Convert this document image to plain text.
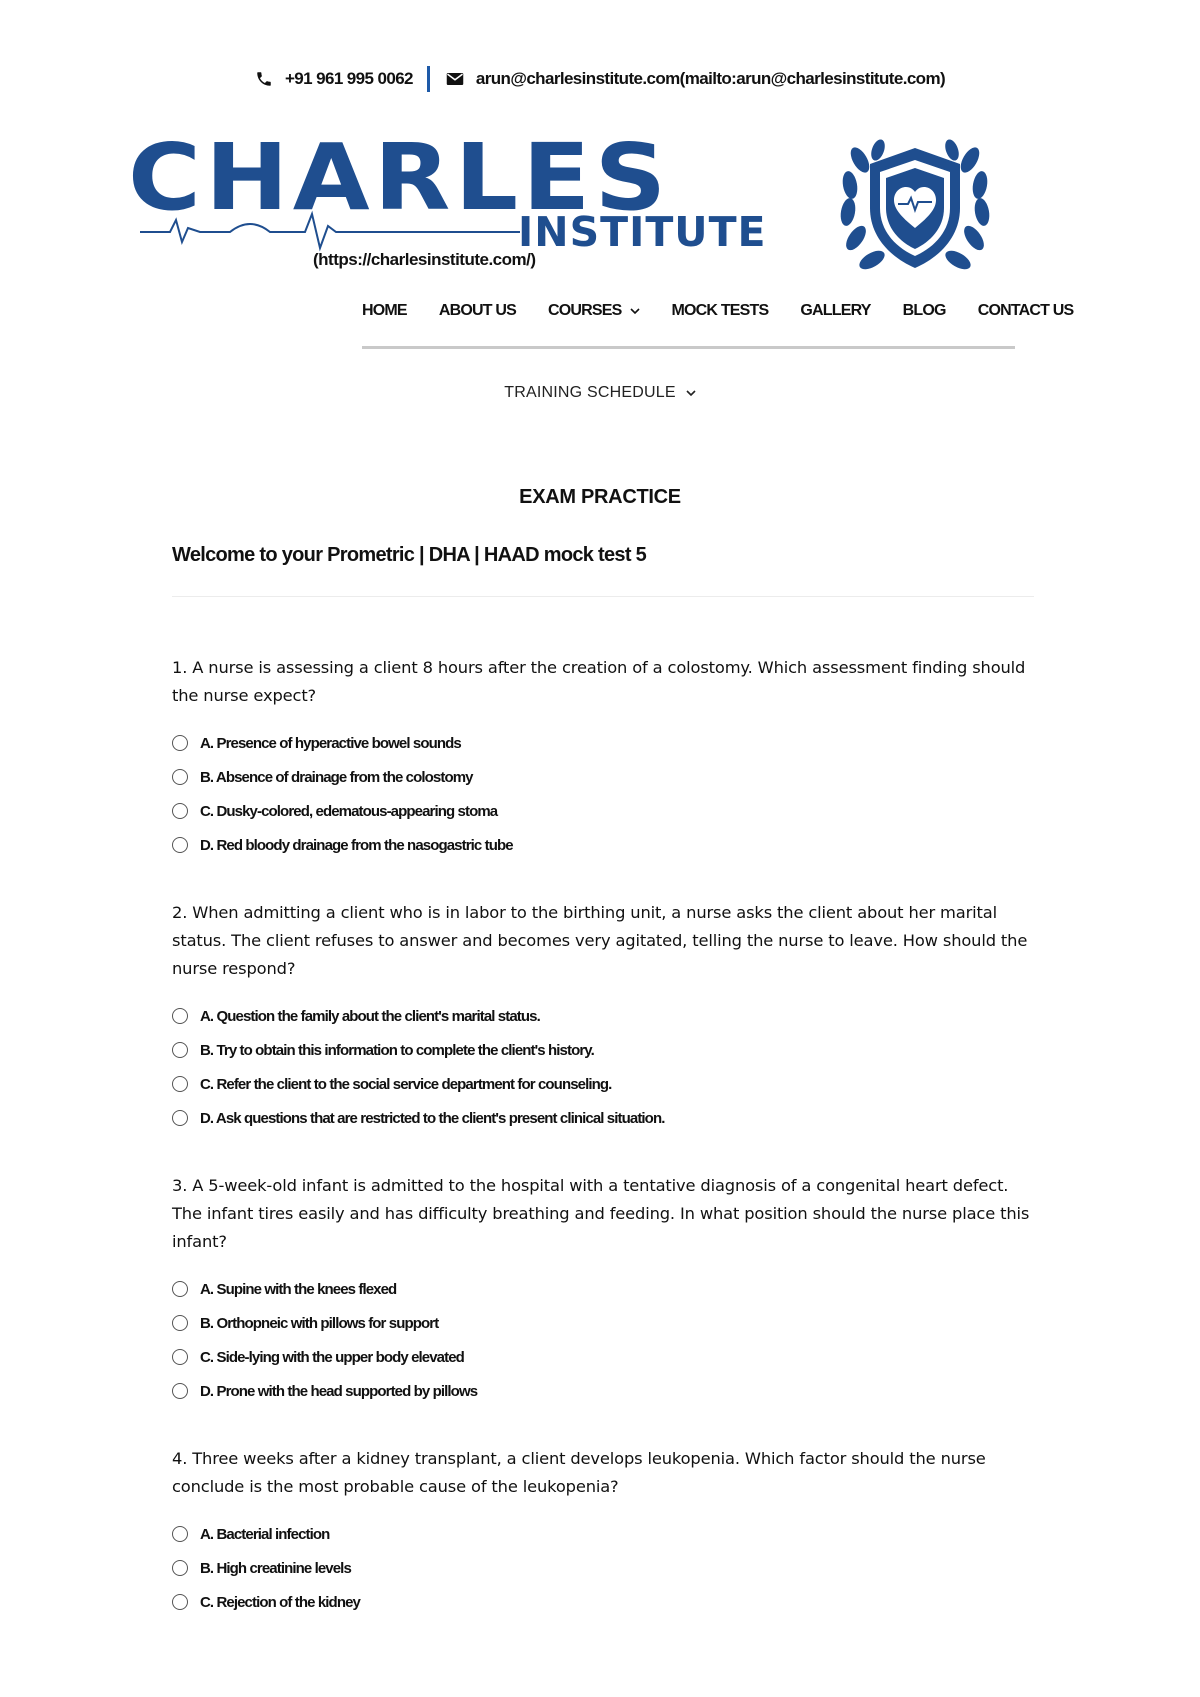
+91 961 995 0062	arun@charlesinstitute.com(mailto:arun@charlesinstitute.com)
CHARLES
INSTITUTE
(https://charlesinstitute.com/)
HOME ABOUT US COURSES	MOCK TESTS GALLERY BLOG CONTACT US
TRAINING SCHEDULE
EXAM PRACTICE
Welcome to your Prometric | DHA | HAAD mock test 5

1. A nurse is assessing a client 8 hours after the creation of a colostomy. Which assessment finding should the nurse expect?

A. Presence of hyperactive bowel sounds
B. Absence of drainage from the colostomy
C. Dusky-colored, edematous-appearing stoma
D. Red bloody drainage from the nasogastric tube

2. When admitting a client who is in labor to the birthing unit, a nurse asks the client about her marital status. The client refuses to answer and becomes very agitated, telling the nurse to leave. How should the nurse respond?

A. Question the family about the client's marital status.
B. Try to obtain this information to complete the client's history.
C. Refer the client to the social service department for counseling.
D. Ask questions that are restricted to the client's present clinical situation.

3. A 5-week-old infant is admitted to the hospital with a tentative diagnosis of a congenital heart defect. The infant tires easily and has difficulty breathing and feeding. In what position should the nurse place this infant?

A. Supine with the knees flexed
B. Orthopneic with pillows for support
C. Side-lying with the upper body elevated
D. Prone with the head supported by pillows

4. Three weeks after a kidney transplant, a client develops leukopenia. Which factor should the nurse conclude is the most probable cause of the leukopenia?

A. Bacterial infection
B. High creatinine levels
C. Rejection of the kidney
